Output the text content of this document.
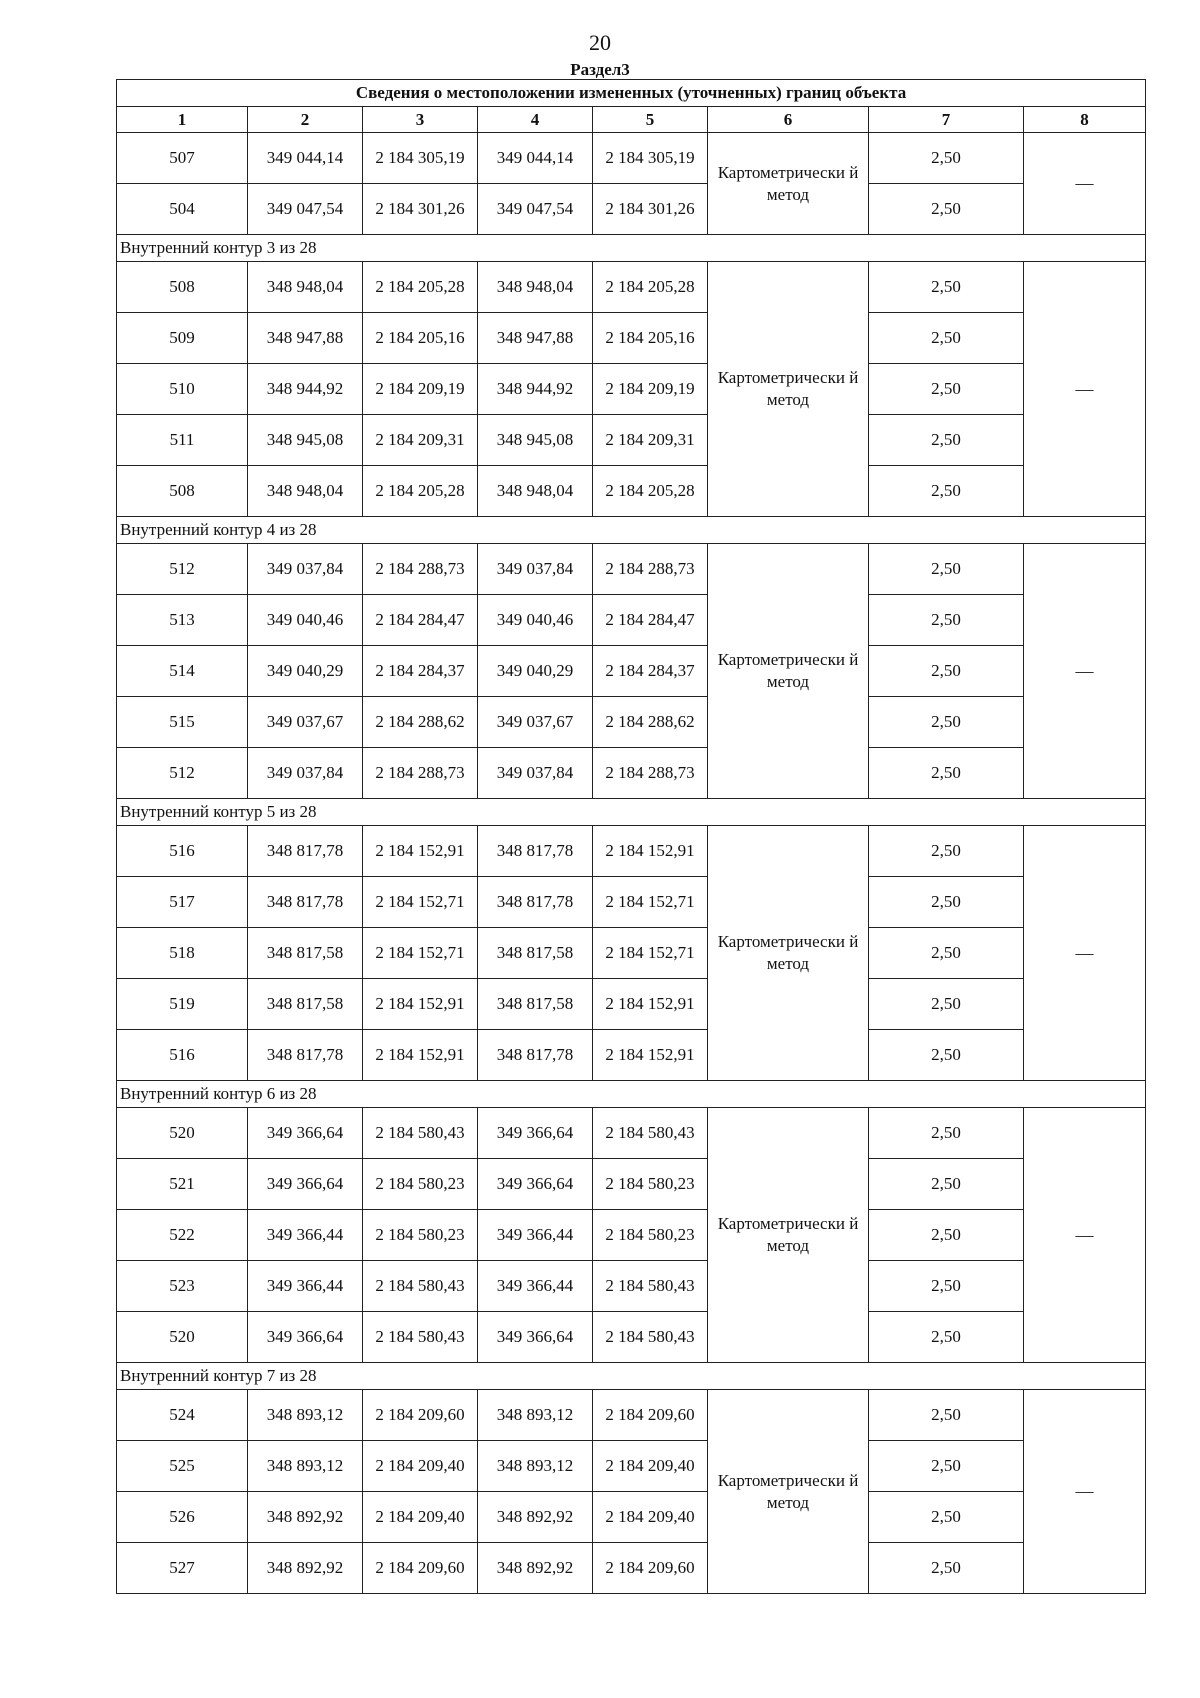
20
Раздел3
Сведения о местоположении измененных (уточненных) границ объекта							
1	2	3	4	5	6	7	8
507	349 044,14	2 184 305,19	349 044,14	2 184 305,19	Картометрически й метод	2,50	—
504	349 047,54	2 184 301,26	349 047,54	2 184 301,26		2,50	
Внутренний контур 3 из 28							
508	348 948,04	2 184 205,28	348 948,04	2 184 205,28	Картометрически й метод	2,50	—
509	348 947,88	2 184 205,16	348 947,88	2 184 205,16		2,50	
510	348 944,92	2 184 209,19	348 944,92	2 184 209,19		2,50	
511	348 945,08	2 184 209,31	348 945,08	2 184 209,31		2,50	
508	348 948,04	2 184 205,28	348 948,04	2 184 205,28		2,50	
Внутренний контур 4 из 28							
512	349 037,84	2 184 288,73	349 037,84	2 184 288,73	Картометрически й метод	2,50	—
513	349 040,46	2 184 284,47	349 040,46	2 184 284,47		2,50	
514	349 040,29	2 184 284,37	349 040,29	2 184 284,37		2,50	
515	349 037,67	2 184 288,62	349 037,67	2 184 288,62		2,50	
512	349 037,84	2 184 288,73	349 037,84	2 184 288,73		2,50	
Внутренний контур 5 из 28							
516	348 817,78	2 184 152,91	348 817,78	2 184 152,91	Картометрически й метод	2,50	—
517	348 817,78	2 184 152,71	348 817,78	2 184 152,71		2,50	
518	348 817,58	2 184 152,71	348 817,58	2 184 152,71		2,50	
519	348 817,58	2 184 152,91	348 817,58	2 184 152,91		2,50	
516	348 817,78	2 184 152,91	348 817,78	2 184 152,91		2,50	
Внутренний контур 6 из 28							
520	349 366,64	2 184 580,43	349 366,64	2 184 580,43	Картометрически й метод	2,50	—
521	349 366,64	2 184 580,23	349 366,64	2 184 580,23		2,50	
522	349 366,44	2 184 580,23	349 366,44	2 184 580,23		2,50	
523	349 366,44	2 184 580,43	349 366,44	2 184 580,43		2,50	
520	349 366,64	2 184 580,43	349 366,64	2 184 580,43		2,50	
Внутренний контур 7 из 28							
524	348 893,12	2 184 209,60	348 893,12	2 184 209,60	Картометрически й метод	2,50	—
525	348 893,12	2 184 209,40	348 893,12	2 184 209,40		2,50	
526	348 892,92	2 184 209,40	348 892,92	2 184 209,40		2,50	
527	348 892,92	2 184 209,60	348 892,92	2 184 209,60		2,50	
